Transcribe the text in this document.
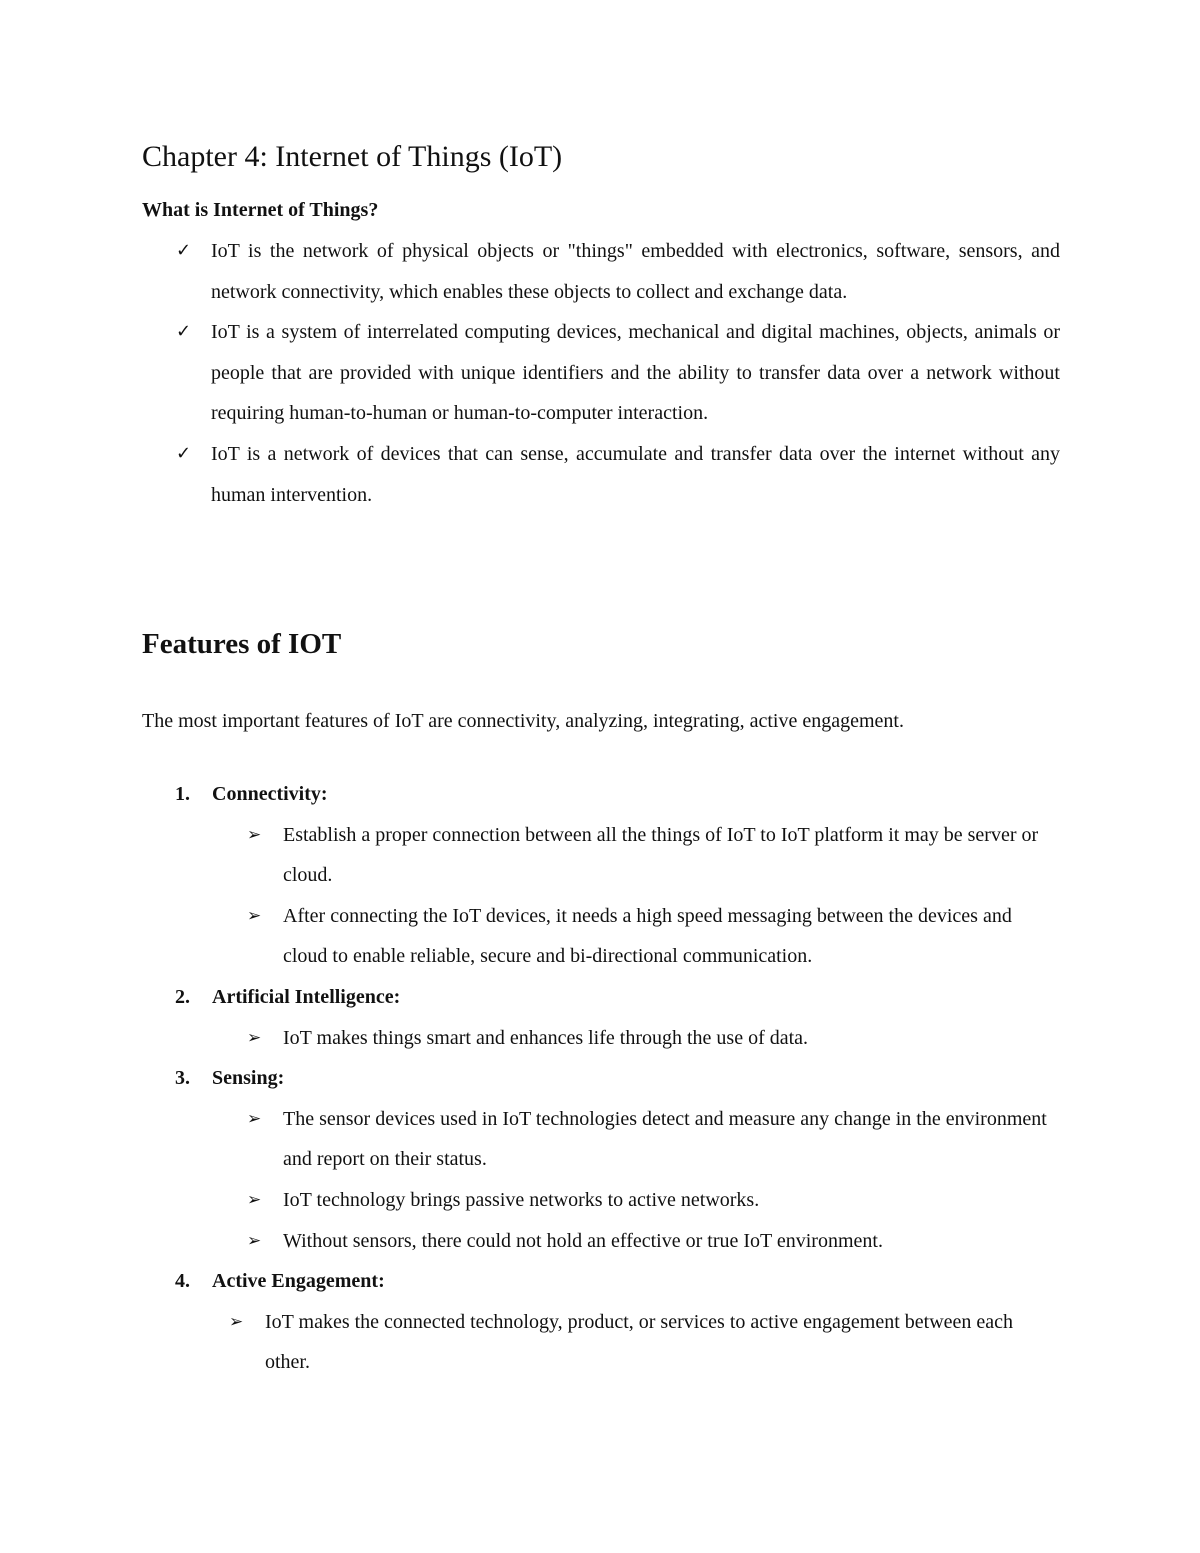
Chapter 4: Internet of Things (IoT)
What is Internet of Things?
✓ IoT is the network of physical objects or "things" embedded with electronics, software, sensors, and network connectivity, which enables these objects to collect and exchange data.
✓ IoT is a system of interrelated computing devices, mechanical and digital machines, objects, animals or people that are provided with unique identifiers and the ability to transfer data over a network without requiring human-to-human or human-to-computer interaction.
✓ IoT is a network of devices that can sense, accumulate and transfer data over the internet without any human intervention.
Features of IOT

The most important features of IoT are connectivity, analyzing, integrating, active engagement.

1. Connectivity:
➢ Establish a proper connection between all the things of IoT to IoT platform it may be server or cloud.
➢ After connecting the IoT devices, it needs a high speed messaging between the devices and cloud to enable reliable, secure and bi-directional communication.
2. Artificial Intelligence:
➢ IoT makes things smart and enhances life through the use of data.
3. Sensing:
➢ The sensor devices used in IoT technologies detect and measure any change in the environment and report on their status.
➢ IoT technology brings passive networks to active networks.
➢ Without sensors, there could not hold an effective or true IoT environment.
4. Active Engagement:
➢ IoT makes the connected technology, product, or services to active engagement between each other.
